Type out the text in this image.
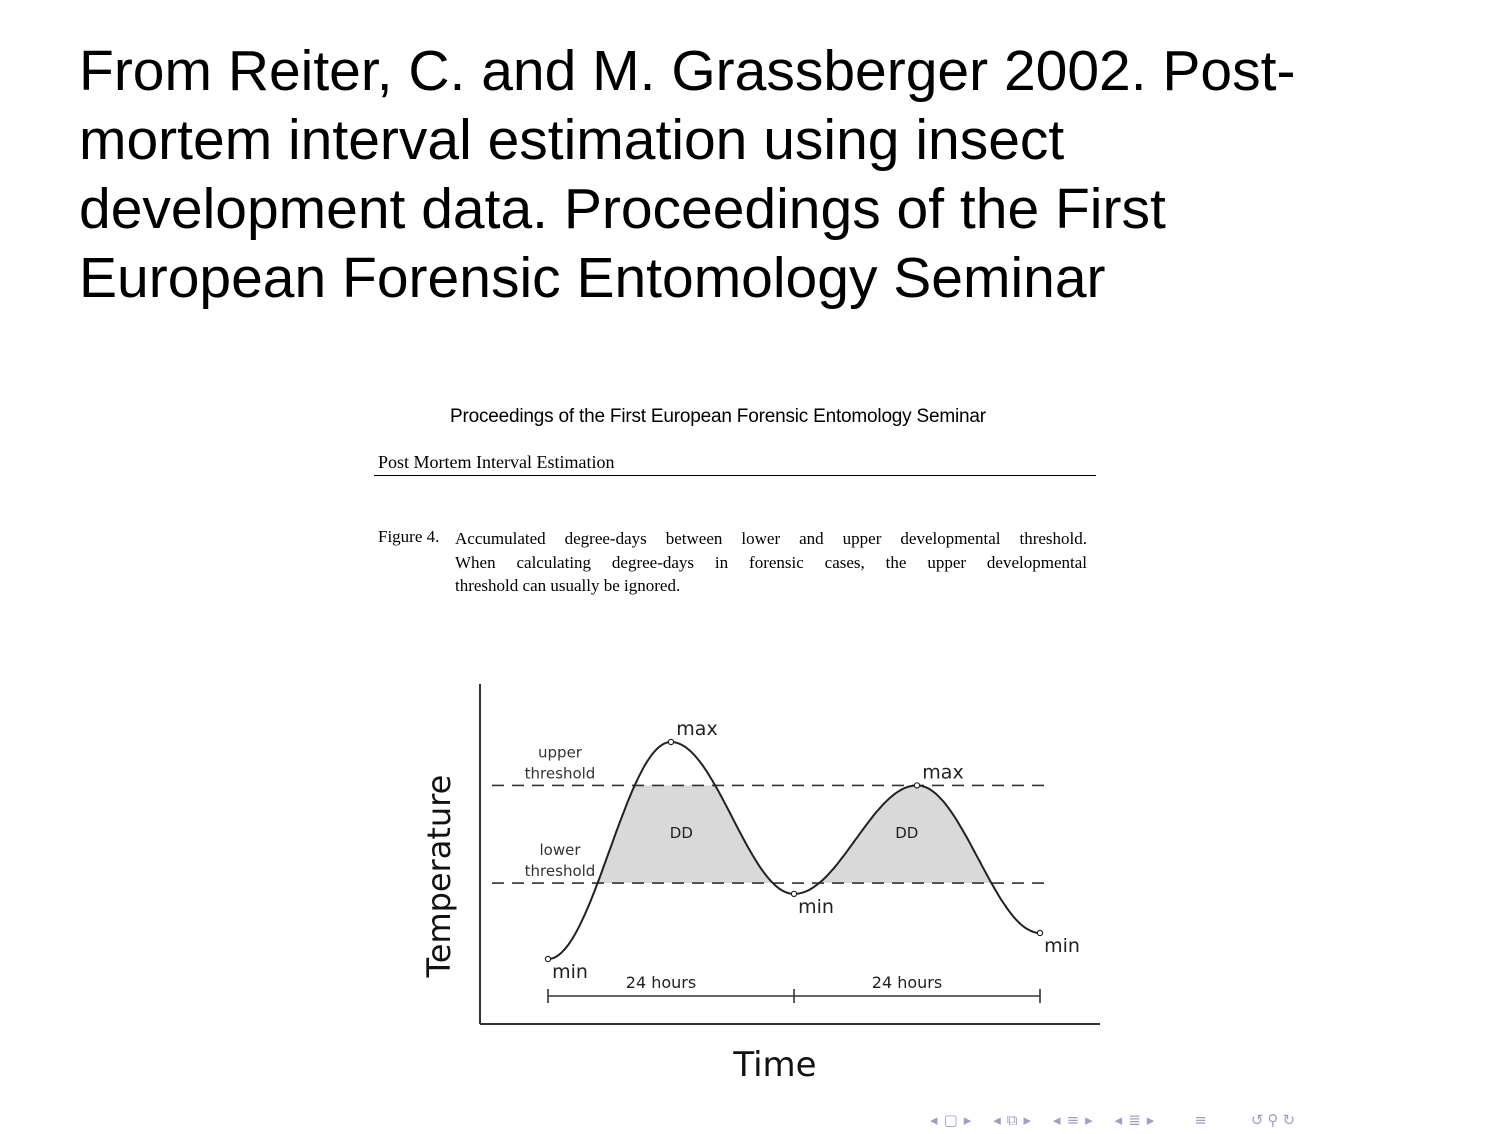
From Reiter, C. and M. Grassberger 2002. Post-
mortem interval estimation using insect
development data. Proceedings of the First
European Forensic Entomology Seminar
Proceedings of the First European Forensic Entomology Seminar
Post Mortem Interval Estimation
Figure 4. Accumulated degree-days between lower and upper developmental threshold.
When calculating degree-days in forensic cases, the upper developmental
threshold can usually be ignored.
DD	DD
Time
Temperature
upper
threshold
lower
threshold
min
max
min
max
min
24 hours	24 hours
◂ ▢ ▸ ◂ ⧉ ▸ ◂ ≡ ▸ ◂ ≣ ▸	≡	↺ ⚲ ↻
